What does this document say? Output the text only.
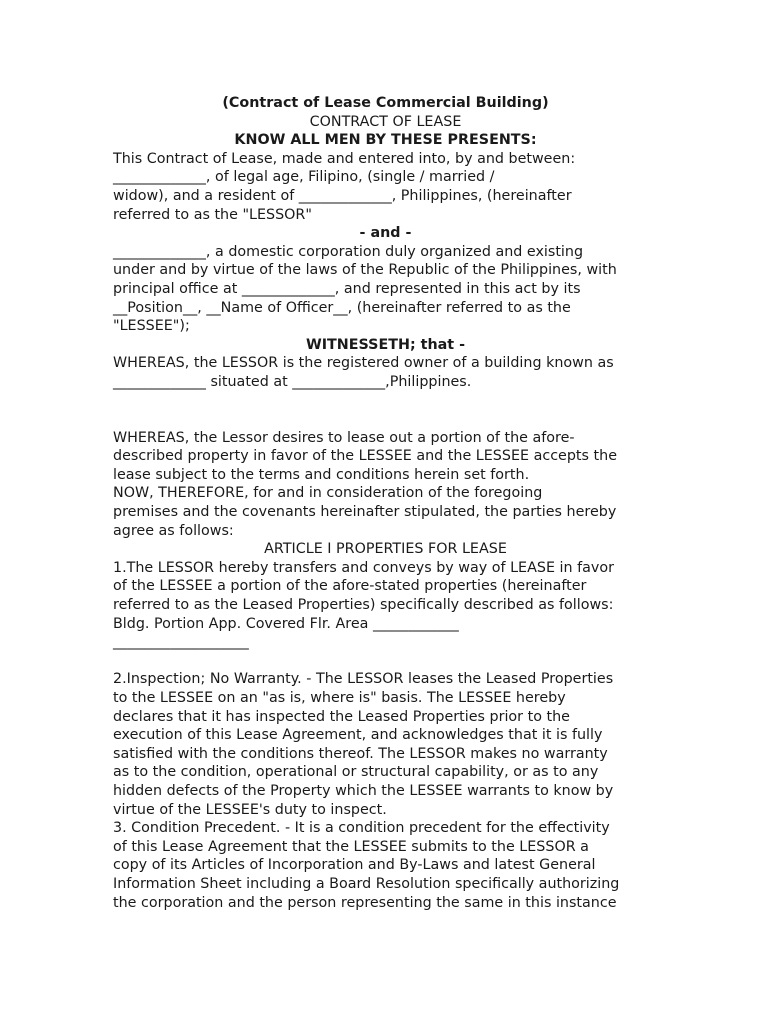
(Contract of Lease Commercial Building)
CONTRACT OF LEASE
KNOW ALL MEN BY THESE PRESENTS:
This Contract of Lease, made and entered into, by and between:
_____________, of legal age, Filipino, (single / married /
widow), and a resident of _____________, Philippines, (hereinafter
referred to as the "LESSOR"
- and -
_____________, a domestic corporation duly organized and existing
under and by virtue of the laws of the Republic of the Philippines, with
principal office at _____________, and represented in this act by its
__Position__, __Name of Officer__, (hereinafter referred to as the
"LESSEE");
WITNESSETH; that -
WHEREAS, the LESSOR is the registered owner of a building known as
_____________ situated at _____________,Philippines.
WHEREAS, the Lessor desires to lease out a portion of the afore-
described property in favor of the LESSEE and the LESSEE accepts the
lease subject to the terms and conditions herein set forth.
NOW, THEREFORE, for and in consideration of the foregoing
premises and the covenants hereinafter stipulated, the parties hereby
agree as follows:
ARTICLE I PROPERTIES FOR LEASE
1.The LESSOR hereby transfers and conveys by way of LEASE in favor
of the LESSEE a portion of the afore-stated properties (hereinafter
referred to as the Leased Properties) specifically described as follows:
Bldg. Portion App. Covered Flr. Area ____________
___________________
2.Inspection; No Warranty. - The LESSOR leases the Leased Properties
to the LESSEE on an "as is, where is" basis. The LESSEE hereby
declares that it has inspected the Leased Properties prior to the
execution of this Lease Agreement, and acknowledges that it is fully
satisfied with the conditions thereof. The LESSOR makes no warranty
as to the condition, operational or structural capability, or as to any
hidden defects of the Property which the LESSEE warrants to know by
virtue of the LESSEE's duty to inspect.
3. Condition Precedent. - It is a condition precedent for the effectivity
of this Lease Agreement that the LESSEE submits to the LESSOR a
copy of its Articles of Incorporation and By-Laws and latest General
Information Sheet including a Board Resolution specifically authorizing
the corporation and the person representing the same in this instance
